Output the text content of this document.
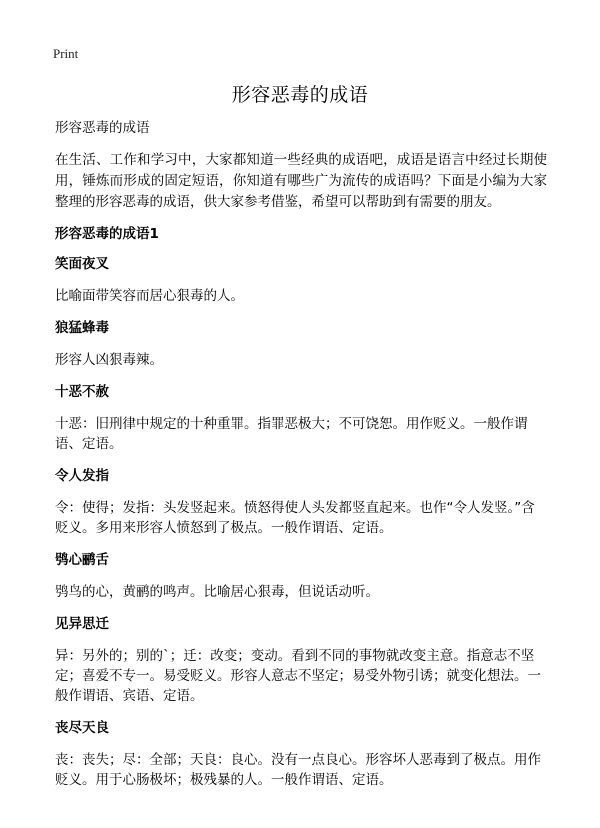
Print
形容恶毒的成语
形容恶毒的成语
在生活、工作和学习中，大家都知道一些经典的成语吧，成语是语言中经过长期使用，锤炼而形成的固定短语，你知道有哪些广为流传的成语吗？下面是小编为大家整理的形容恶毒的成语，供大家参考借鉴，希望可以帮助到有需要的朋友。
形容恶毒的成语1
笑面夜叉
比喻面带笑容而居心狠毒的人。
狼猛蜂毒
形容人凶狠毒辣。
十恶不赦
十恶：旧刑律中规定的十种重罪。指罪恶极大；不可饶恕。用作贬义。一般作谓语、定语。
令人发指
令：使得；发指：头发竖起来。愤怒得使人头发都竖直起来。也作“令人发竖。”含贬义。多用来形容人愤怒到了极点。一般作谓语、定语。
鸮心鹂舌
鸮鸟的心，黄鹂的鸣声。比喻居心狠毒，但说话动听。
见异思迁
异：另外的；别的`；迁：改变；变动。看到不同的事物就改变主意。指意志不坚定；喜爱不专一。易受贬义。形容人意志不坚定；易受外物引诱；就变化想法。一般作谓语、宾语、定语。
丧尽天良
丧：丧失；尽：全部；天良：良心。没有一点良心。形容坏人恶毒到了极点。用作贬义。用于心肠极坏；极残暴的人。一般作谓语、定语。
